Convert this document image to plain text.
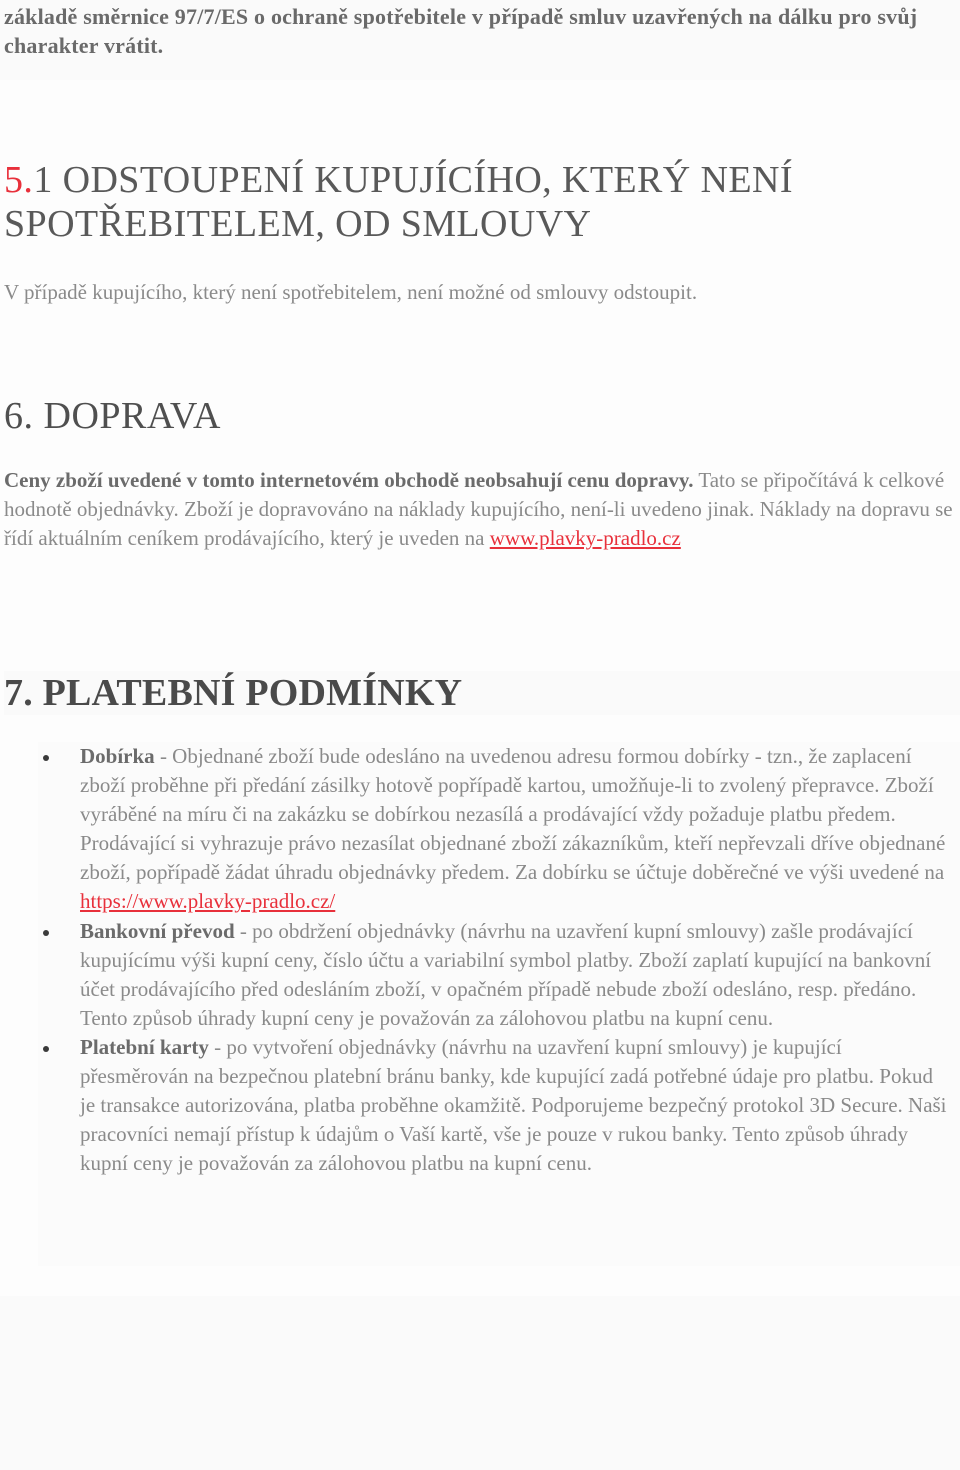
základě směrnice 97/7/ES o ochraně spotřebitele v případě smluv uzavřených na dálku pro svůj charakter vrátit.
5.1 ODSTOUPENÍ KUPUJÍCÍHO, KTERÝ NENÍ SPOTŘEBITELEM, OD SMLOUVY

V případě kupujícího, který není spotřebitelem, není možné od smlouvy odstoupit.

6. DOPRAVA

Ceny zboží uvedené v tomto internetovém obchodě neobsahují cenu dopravy. Tato se připočítává k celkové hodnotě objednávky. Zboží je dopravováno na náklady kupujícího, není-li uvedeno jinak. Náklady na dopravu se řídí aktuálním ceníkem prodávajícího, který je uveden na www.plavky-pradlo.cz

7. PLATEBNÍ PODMÍNKY
Dobírka - Objednané zboží bude odesláno na uvedenou adresu formou dobírky - tzn., že zaplacení zboží proběhne při předání zásilky hotově popřípadě kartou, umožňuje-li to zvolený přepravce. Zboží vyráběné na míru či na zakázku se dobírkou nezasílá a prodávající vždy požaduje platbu předem. Prodávající si vyhrazuje právo nezasílat objednané zboží zákazníkům, kteří nepřevzali dříve objednané zboží, popřípadě žádat úhradu objednávky předem. Za dobírku se účtuje doběrečné ve výši uvedené na https://www.plavky-pradlo.cz/
Bankovní převod - po obdržení objednávky (návrhu na uzavření kupní smlouvy) zašle prodávající kupujícímu výši kupní ceny, číslo účtu a variabilní symbol platby. Zboží zaplatí kupující na bankovní účet prodávajícího před odesláním zboží, v opačném případě nebude zboží odesláno, resp. předáno. Tento způsob úhrady kupní ceny je považován za zálohovou platbu na kupní cenu.
Platební karty - po vytvoření objednávky (návrhu na uzavření kupní smlouvy) je kupující přesměrován na bezpečnou platební bránu banky, kde kupující zadá potřebné údaje pro platbu. Pokud je transakce autorizována, platba proběhne okamžitě. Podporujeme bezpečný protokol 3D Secure. Naši pracovníci nemají přístup k údajům o Vaší kartě, vše je pouze v rukou banky. Tento způsob úhrady kupní ceny je považován za zálohovou platbu na kupní cenu.
